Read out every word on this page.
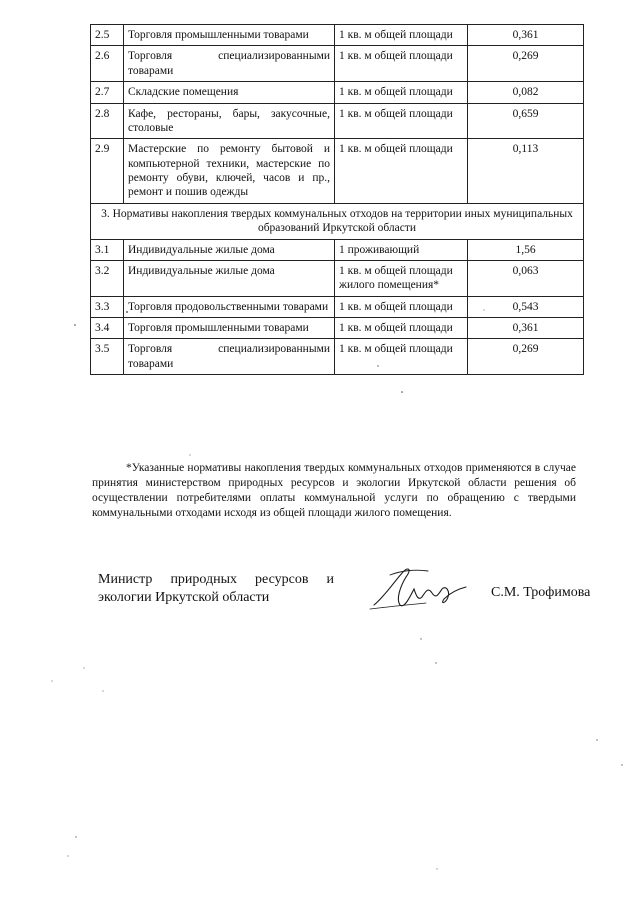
2.5	Торговля промышленными товарами	1 кв. м общей площади	0,361
2.6	Торговля специализированными товарами	1 кв. м общей площади	0,269
2.7	Складские помещения	1 кв. м общей площади	0,082
2.8	Кафе, рестораны, бары, закусочные, столовые	1 кв. м общей площади	0,659
2.9	Мастерские по ремонту бытовой и компьютерной техники, мастерские по ремонту обуви, ключей, часов и пр., ремонт и пошив одежды	1 кв. м общей площади	0,113
3. Нормативы накопления твердых коммунальных отходов на территории иных муниципальных образований Иркутской области			
3.1	Индивидуальные жилые дома	1 проживающий	1,56
3.2	Индивидуальные жилые дома	1 кв. м общей площади жилого помещения*	0,063
3.3	Торговля продовольственными товарами	1 кв. м общей площади	0,543
3.4	Торговля промышленными товарами	1 кв. м общей площади	0,361
3.5	Торговля специализированными товарами	1 кв. м общей площади	0,269
*Указанные нормативы накопления твердых коммунальных отходов применяются в случае принятия министерством природных ресурсов и экологии Иркутской области решения об осуществлении потребителями оплаты коммунальной услуги по обращению с твердыми коммунальными отходами исходя из общей площади жилого помещения.
Министр природных ресурсов и
экологии Иркутской области	С.М. Трофимова
